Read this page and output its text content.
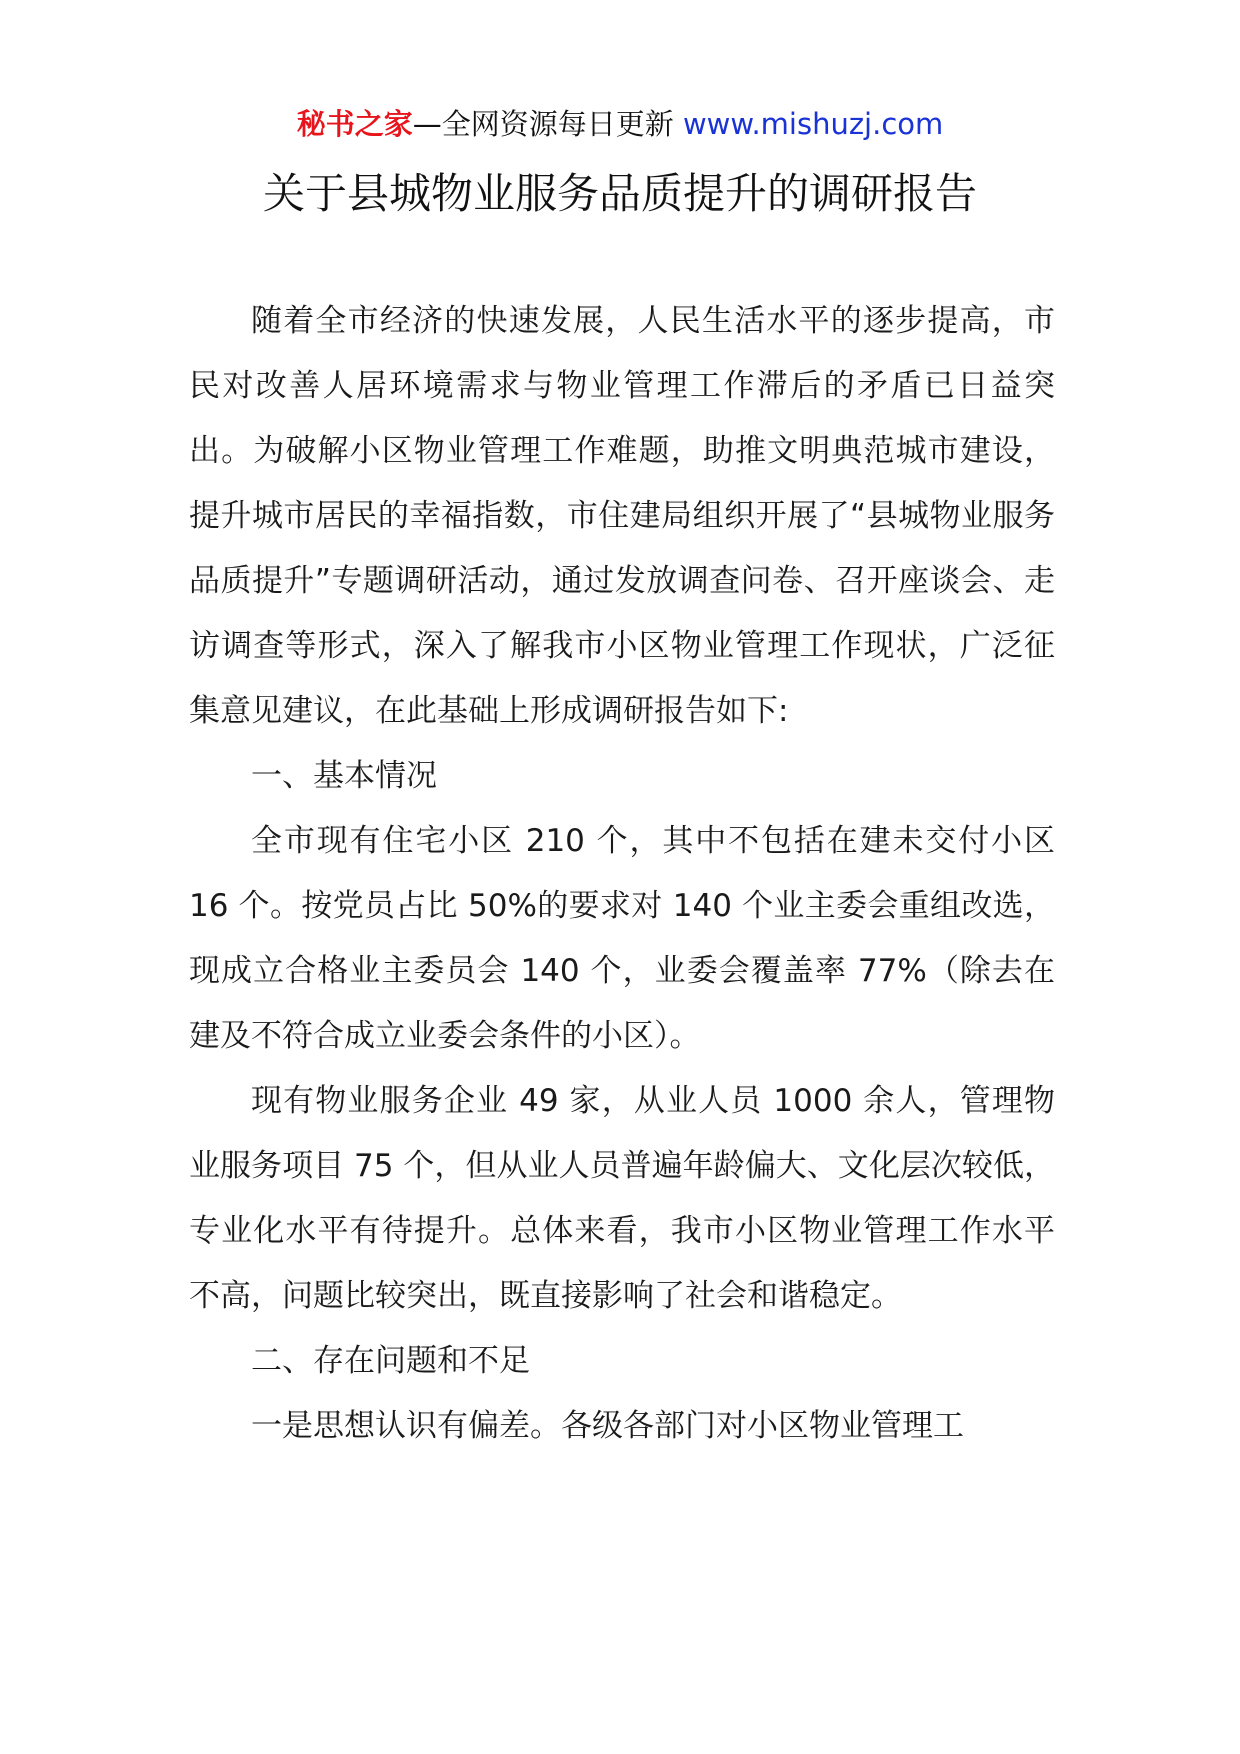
秘书之家—全网资源每日更新 www.mishuzj.com
关于县城物业服务品质提升的调研报告

随着全市经济的快速发展，人民生活水平的逐步提高，市民对改善人居环境需求与物业管理工作滞后的矛盾已日益突出。为破解小区物业管理工作难题，助推文明典范城市建设，提升城市居民的幸福指数，市住建局组织开展了“县城物业服务品质提升”专题调研活动，通过发放调查问卷、召开座谈会、走访调查等形式，深入了解我市小区物业管理工作现状，广泛征集意见建议，在此基础上形成调研报告如下:

一、基本情况

全市现有住宅小区 210 个，其中不包括在建未交付小区 16 个。按党员占比 50%的要求对 140 个业主委会重组改选，现成立合格业主委员会 140 个，业委会覆盖率 77%（除去在建及不符合成立业委会条件的小区）。

现有物业服务企业 49 家，从业人员 1000 余人，管理物业服务项目 75 个，但从业人员普遍年龄偏大、文化层次较低，专业化水平有待提升。总体来看，我市小区物业管理工作水平不高，问题比较突出，既直接影响了社会和谐稳定。

二、存在问题和不足

一是思想认识有偏差。各级各部门对小区物业管理工
